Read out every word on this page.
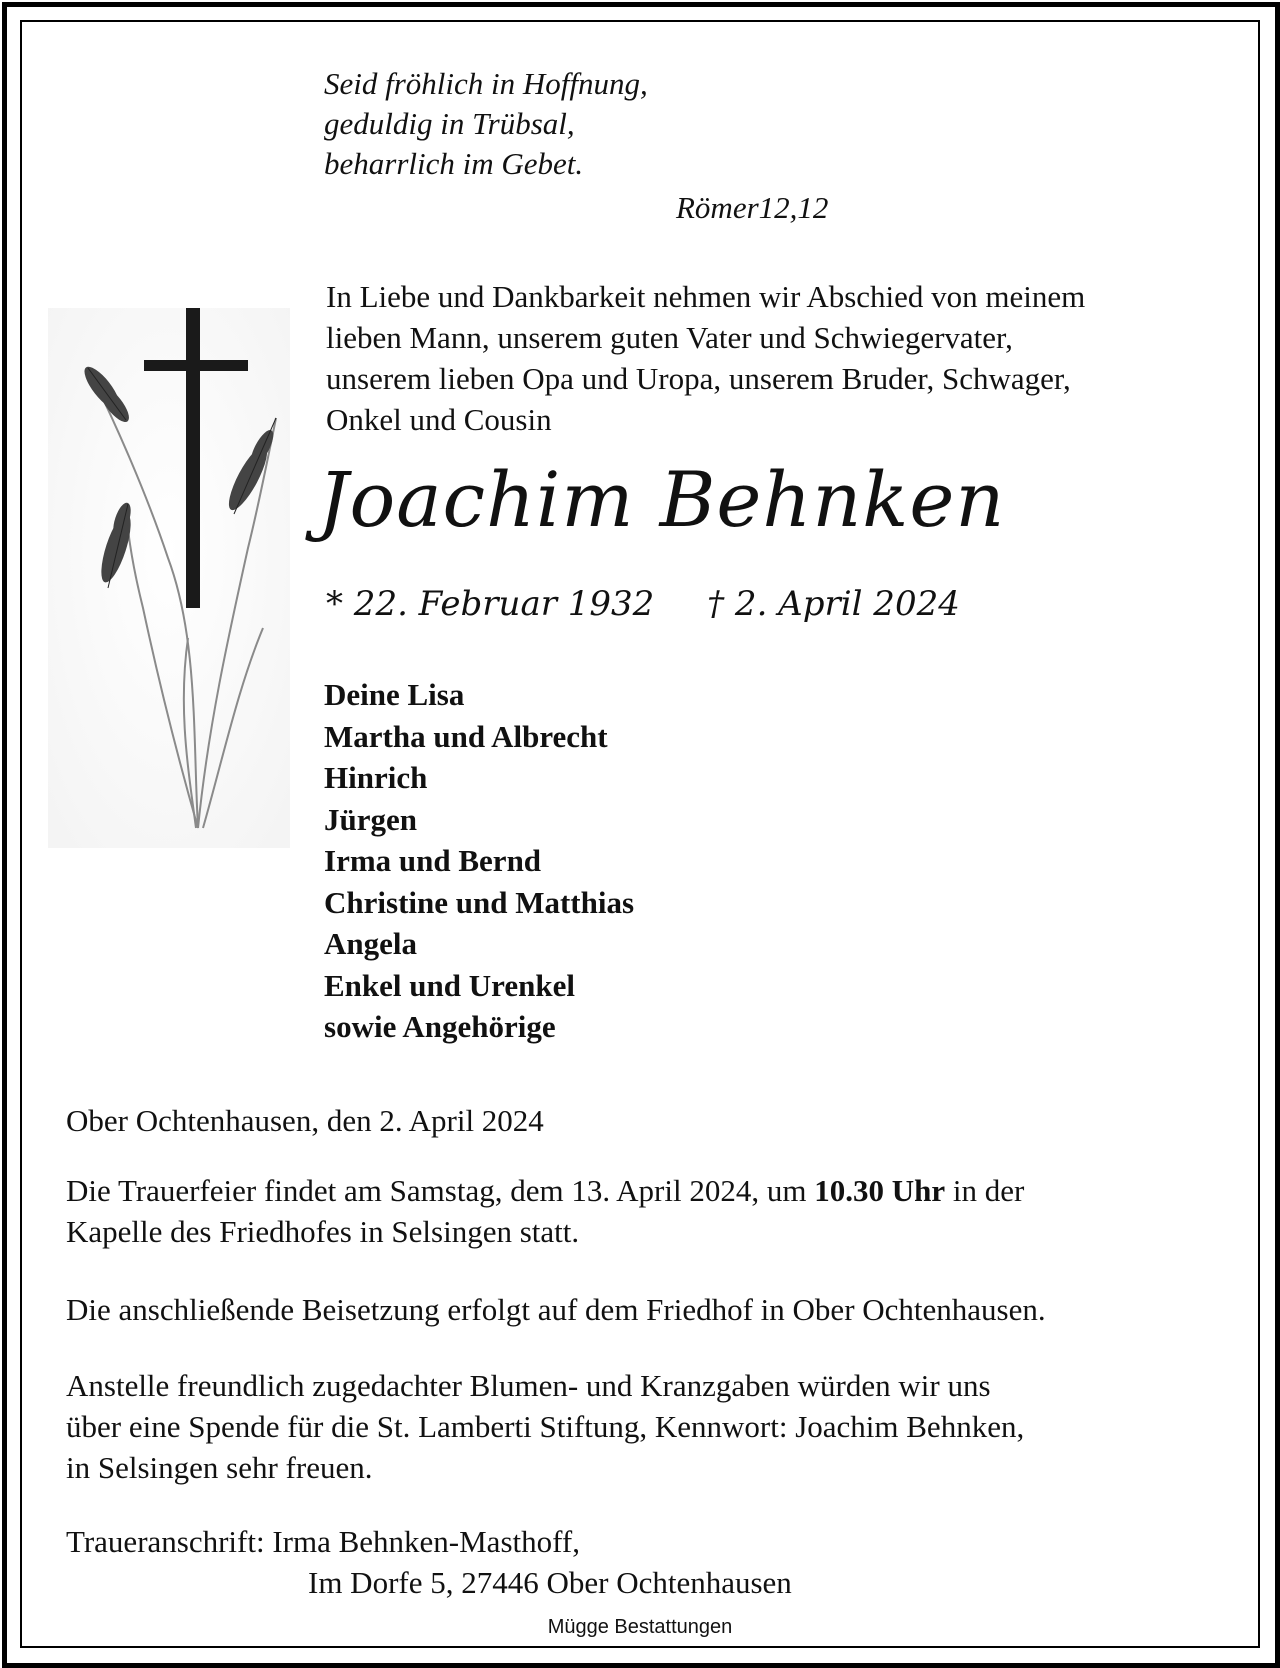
Seid fröhlich in Hoffnung,
geduldig in Trübsal,
beharrlich im Gebet.
Römer12,12
In Liebe und Dankbarkeit nehmen wir Abschied von meinem
lieben Mann, unserem guten Vater und Schwiegervater,
unserem lieben Opa und Uropa, unserem Bruder, Schwager,
Onkel und Cousin
Joachim Behnken
* 22. Februar 1932 † 2. April 2024
Deine Lisa
Martha und Albrecht
Hinrich
Jürgen
Irma und Bernd
Christine und Matthias
Angela
Enkel und Urenkel
sowie Angehörige
Ober Ochtenhausen, den 2. April 2024
Die Trauerfeier findet am Samstag, dem 13. April 2024, um 10.30 Uhr in der
Kapelle des Friedhofes in Selsingen statt.
Die anschließende Beisetzung erfolgt auf dem Friedhof in Ober Ochtenhausen.
Anstelle freundlich zugedachter Blumen- und Kranzgaben würden wir uns
über eine Spende für die St. Lamberti Stiftung, Kennwort: Joachim Behnken,
in Selsingen sehr freuen.
Traueranschrift: Irma Behnken-Masthoff,
Im Dorfe 5, 27446 Ober Ochtenhausen
Mügge Bestattungen
